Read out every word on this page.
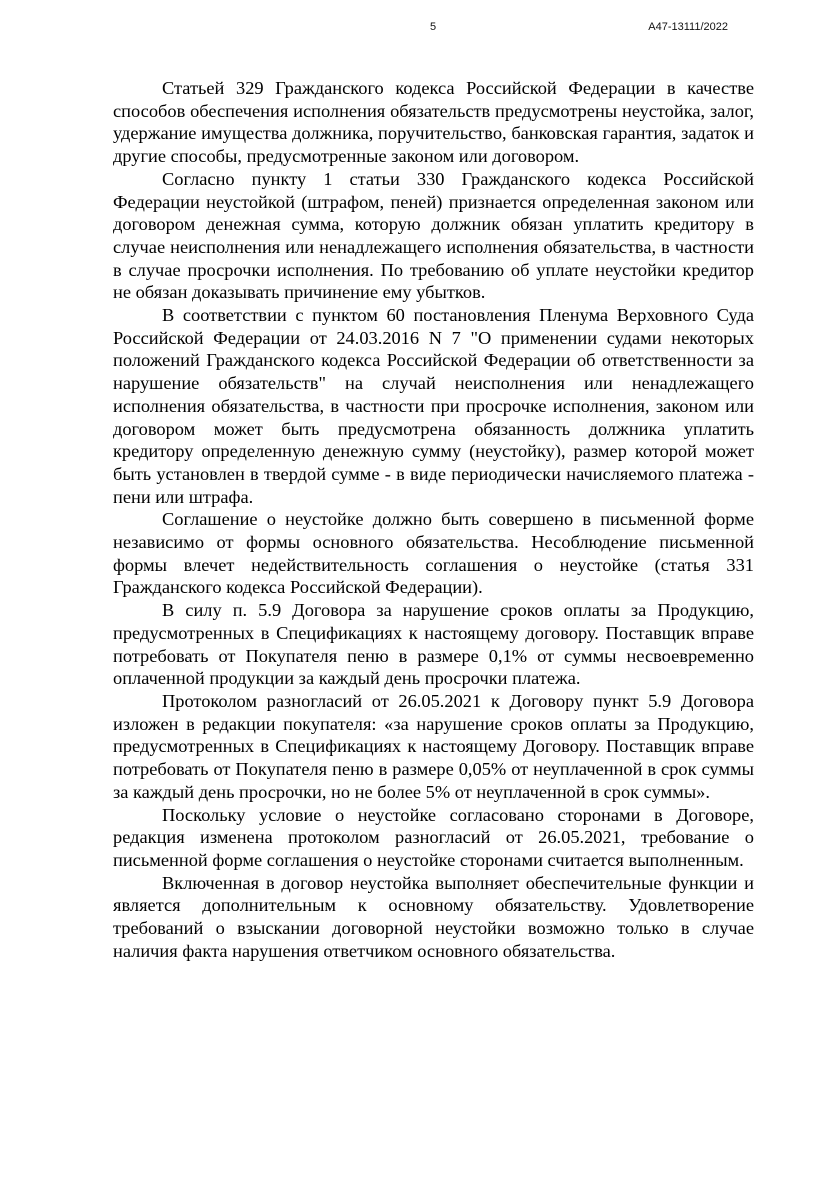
5	А47-13111/2022

Статьей 329 Гражданского кодекса Российской Федерации в качестве способов обеспечения исполнения обязательств предусмотрены неустойка, залог, удержание имущества должника, поручительство, банковская гарантия, задаток и другие способы, предусмотренные законом или договором.

Согласно пункту 1 статьи 330 Гражданского кодекса Российской Федерации неустойкой (штрафом, пеней) признается определенная законом или договором денежная сумма, которую должник обязан уплатить кредитору в случае неисполнения или ненадлежащего исполнения обязательства, в частности в случае просрочки исполнения. По требованию об уплате неустойки кредитор не обязан доказывать причинение ему убытков.

В соответствии с пунктом 60 постановления Пленума Верховного Суда Российской Федерации от 24.03.2016 N 7 "О применении судами некоторых положений Гражданского кодекса Российской Федерации об ответственности за нарушение обязательств" на случай неисполнения или ненадлежащего исполнения обязательства, в частности при просрочке исполнения, законом или договором может быть предусмотрена обязанность должника уплатить кредитору определенную денежную сумму (неустойку), размер которой может быть установлен в твердой сумме - в виде периодически начисляемого платежа - пени или штрафа.

Соглашение о неустойке должно быть совершено в письменной форме независимо от формы основного обязательства. Несоблюдение письменной формы влечет недействительность соглашения о неустойке (статья 331 Гражданского кодекса Российской Федерации).

В силу п. 5.9 Договора за нарушение сроков оплаты за Продукцию, предусмотренных в Спецификациях к настоящему договору. Поставщик вправе потребовать от Покупателя пеню в размере 0,1% от суммы несвоевременно оплаченной продукции за каждый день просрочки платежа.

Протоколом разногласий от 26.05.2021 к Договору пункт 5.9 Договора изложен в редакции покупателя: «за нарушение сроков оплаты за Продукцию, предусмотренных в Спецификациях к настоящему Договору. Поставщик вправе потребовать от Покупателя пеню в размере 0,05% от неуплаченной в срок суммы за каждый день просрочки, но не более 5% от неуплаченной в срок суммы».

Поскольку условие о неустойке согласовано сторонами в Договоре, редакция изменена протоколом разногласий от 26.05.2021, требование о письменной форме соглашения о неустойке сторонами считается выполненным.

Включенная в договор неустойка выполняет обеспечительные функции и является дополнительным к основному обязательству. Удовлетворение требований о взыскании договорной неустойки возможно только в случае наличия факта нарушения ответчиком основного обязательства.
